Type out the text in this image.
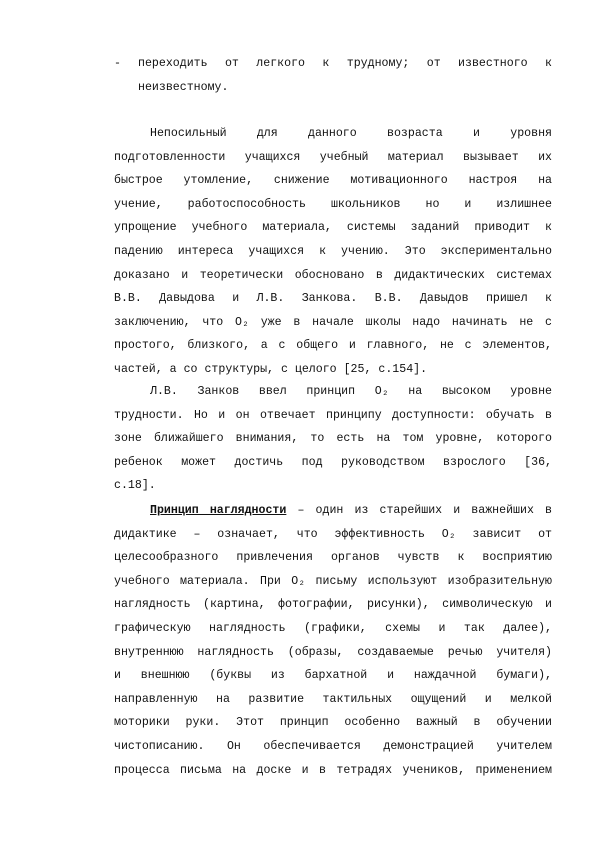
- переходить от легкого к трудному; от известного к
неизвестному.
Непосильный для данного возраста и уровня
подготовленности учащихся учебный материал вызывает их
быстрое утомление, снижение мотивационного настроя на
учение, работоспособность школьников но и излишнее
упрощение учебного материала, системы заданий приводит к
падению интереса учащихся к учению. Это экспериментально
доказано и теоретически обосновано в дидактических системах
В.В. Давыдова и Л.В. Занкова. В.В. Давыдов пришел к
заключению, что О₂ уже в начале школы надо начинать не с
простого, близкого, а с общего и главного, не с элементов,
частей, а со структуры, с целого [25, с.154].
Л.В. Занков ввел принцип О₂ на высоком уровне
трудности. Но и он отвечает принципу доступности: обучать в
зоне ближайшего внимания, то есть на том уровне, которого
ребенок может достичь под руководством взрослого [36,
с.18].
Принцип наглядности – один из старейших и важнейших в
дидактике – означает, что эффективность О₂ зависит от
целесообразного привлечения органов чувств к восприятию
учебного материала. При О₂ письму используют изобразительную
наглядность (картина, фотографии, рисунки), символическую и
графическую наглядность (графики, схемы и так далее),
внутреннюю наглядность (образы, создаваемые речью учителя)
и внешнюю (буквы из бархатной и наждачной бумаги),
направленную на развитие тактильных ощущений и мелкой
моторики руки. Этот принцип особенно важный в обучении
чистописанию. Он обеспечивается демонстрацией учителем
процесса письма на доске и в тетрадях учеников, применением
